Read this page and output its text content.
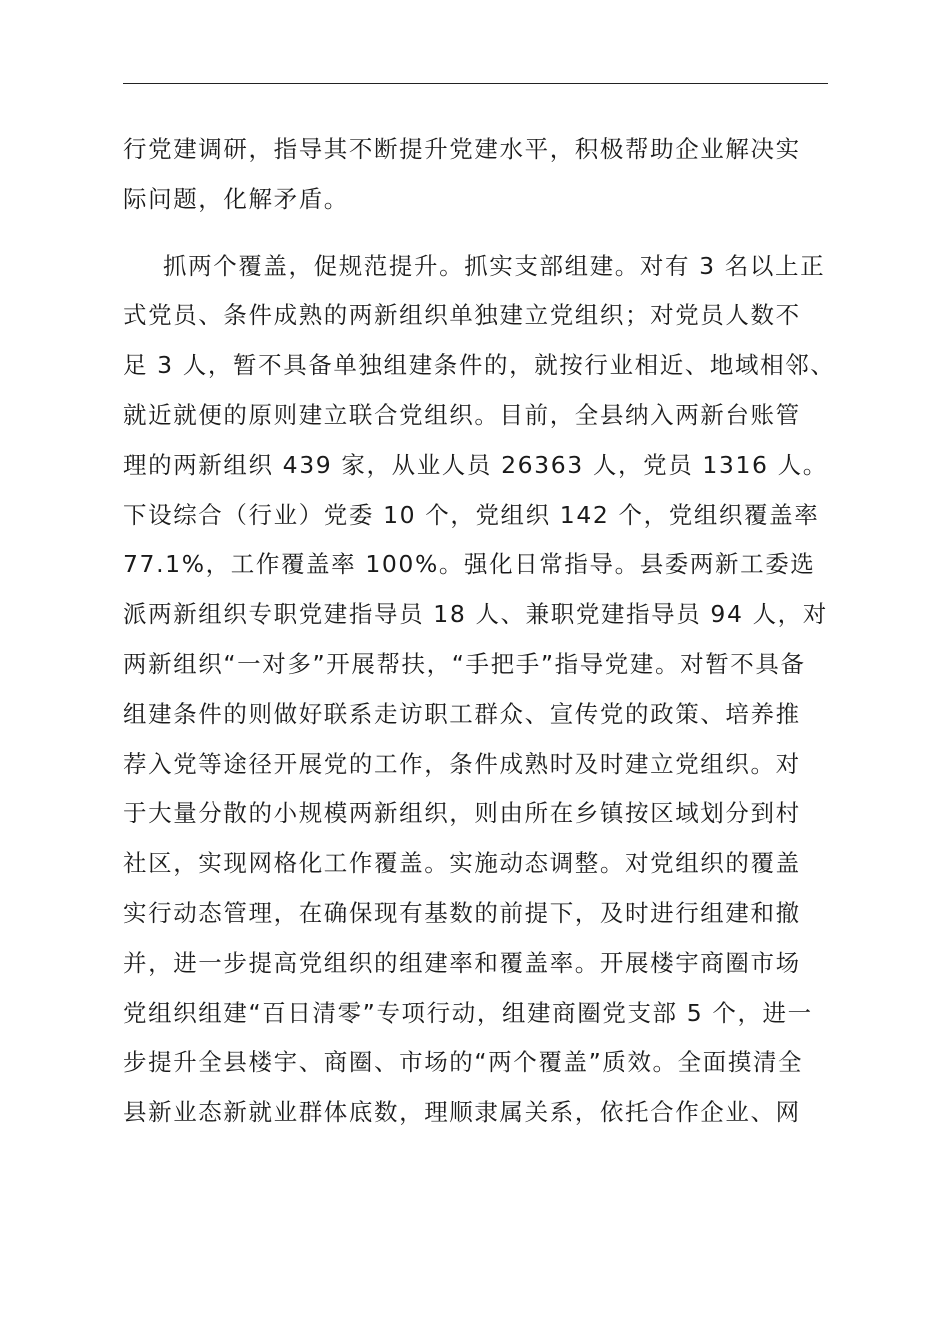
行党建调研，指导其不断提升党建水平，积极帮助企业解决实
际问题，化解矛盾。

抓两个覆盖，促规范提升。抓实支部组建。对有 3 名以上正
式党员、条件成熟的两新组织单独建立党组织；对党员人数不
足 3 人，暂不具备单独组建条件的，就按行业相近、地域相邻、
就近就便的原则建立联合党组织。目前，全县纳入两新台账管
理的两新组织 439 家，从业人员 26363 人，党员 1316 人。
下设综合（行业）党委 10 个，党组织 142 个，党组织覆盖率
77.1%，工作覆盖率 100%。强化日常指导。县委两新工委选
派两新组织专职党建指导员 18 人、兼职党建指导员 94 人，对
两新组织“一对多”开展帮扶，“手把手”指导党建。对暂不具备
组建条件的则做好联系走访职工群众、宣传党的政策、培养推
荐入党等途径开展党的工作，条件成熟时及时建立党组织。对
于大量分散的小规模两新组织，则由所在乡镇按区域划分到村
社区，实现网格化工作覆盖。实施动态调整。对党组织的覆盖
实行动态管理，在确保现有基数的前提下，及时进行组建和撤
并，进一步提高党组织的组建率和覆盖率。开展楼宇商圈市场
党组织组建“百日清零”专项行动，组建商圈党支部 5 个，进一
步提升全县楼宇、商圈、市场的“两个覆盖”质效。全面摸清全
县新业态新就业群体底数，理顺隶属关系，依托合作企业、网
